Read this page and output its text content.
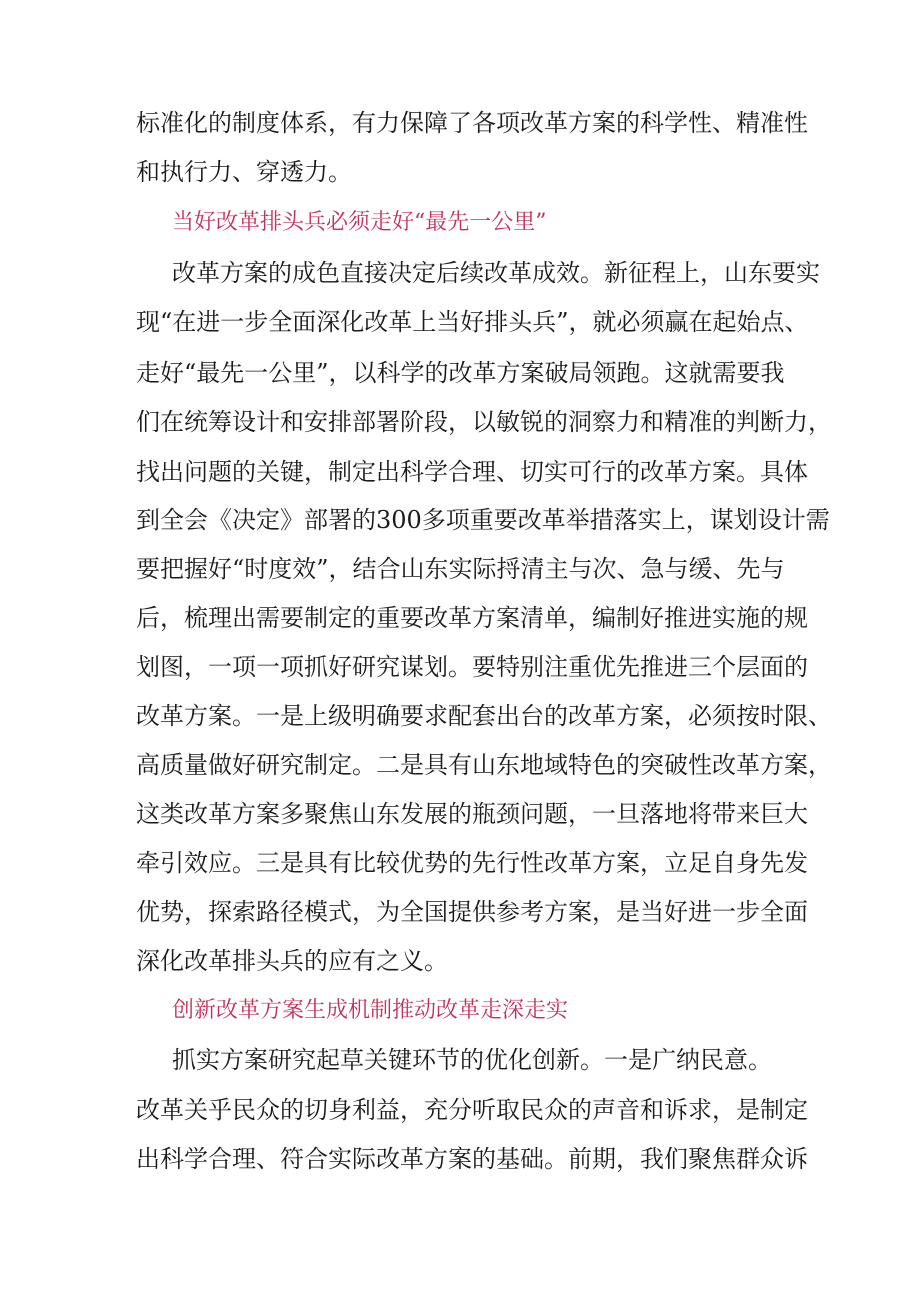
标准化的制度体系，有力保障了各项改革方案的科学性、精准性
和执行力、穿透力。
当好改革排头兵必须走好“最先一公里”
改革方案的成色直接决定后续改革成效。新征程上，山东要实
现“在进一步全面深化改革上当好排头兵”，就必须赢在起始点、
走好“最先一公里”，以科学的改革方案破局领跑。这就需要我
们在统筹设计和安排部署阶段，以敏锐的洞察力和精准的判断力，
找出问题的关键，制定出科学合理、切实可行的改革方案。具体
到全会《决定》部署的300多项重要改革举措落实上，谋划设计需
要把握好“时度效”，结合山东实际捋清主与次、急与缓、先与
后，梳理出需要制定的重要改革方案清单，编制好推进实施的规
划图，一项一项抓好研究谋划。要特别注重优先推进三个层面的
改革方案。一是上级明确要求配套出台的改革方案，必须按时限、
高质量做好研究制定。二是具有山东地域特色的突破性改革方案，
这类改革方案多聚焦山东发展的瓶颈问题，一旦落地将带来巨大
牵引效应。三是具有比较优势的先行性改革方案，立足自身先发
优势，探索路径模式，为全国提供参考方案，是当好进一步全面
深化改革排头兵的应有之义。
创新改革方案生成机制推动改革走深走实
抓实方案研究起草关键环节的优化创新。一是广纳民意。
改革关乎民众的切身利益，充分听取民众的声音和诉求，是制定
出科学合理、符合实际改革方案的基础。前期，我们聚焦群众诉
